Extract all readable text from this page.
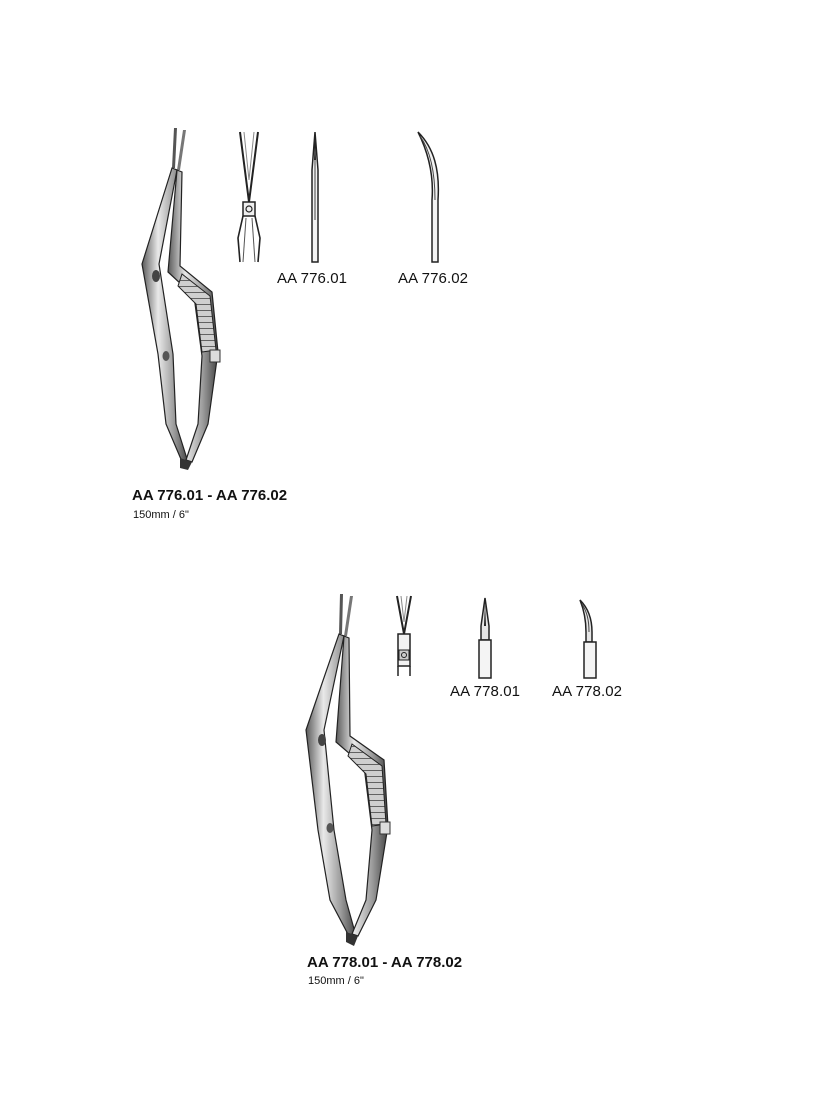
AA 776.01	AA 776.02
AA 776.01 - AA 776.02
150mm / 6"
AA 778.01 AA 778.02
AA 778.01 - AA 778.02
150mm / 6"
